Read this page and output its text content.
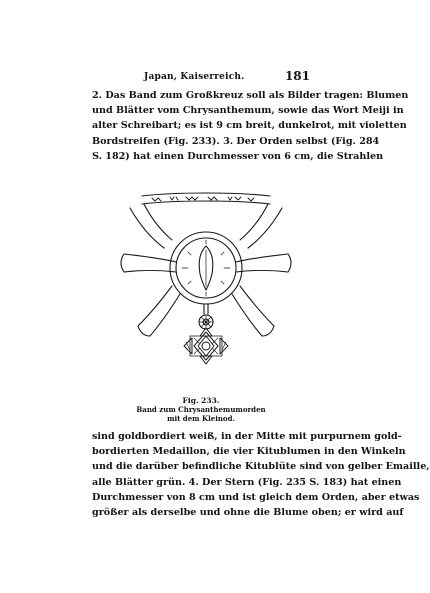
Japan, Kaiserreich.	181
2. Das Band zum Großkreuz soll als Bilder tragen: Blumen
und Blätter vom Chrysanthemum, sowie das Wort Meiji in
alter Schreibart; es ist 9 cm breit, dunkelrot, mit violetten
Bordstreifen (Fig. 233). 3. Der Orden selbst (Fig. 284
S. 182) hat einen Durchmesser von 6 cm, die Strahlen
Fig. 233.
Band zum Chrysanthemumorden
mit dem Kleinod.
sind goldbordiert weiß, in der Mitte mit purpurnem gold-
bordierten Medaillon, die vier Kitublumen in den Winkeln
und die darüber befindliche Kitublüte sind von gelber Emaille,
alle Blätter grün. 4. Der Stern (Fig. 235 S. 183) hat einen
Durchmesser von 8 cm und ist gleich dem Orden, aber etwas
größer als derselbe und ohne die Blume oben; er wird auf
